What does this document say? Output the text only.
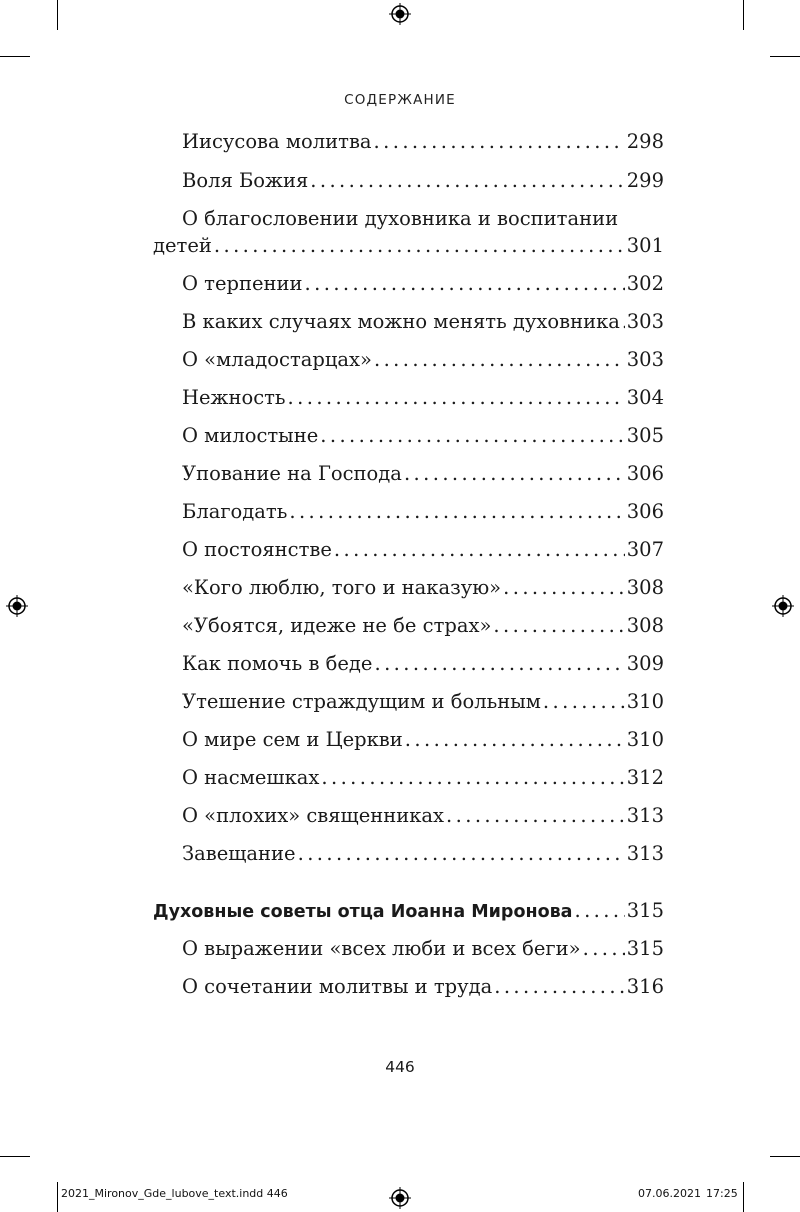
СОДЕРЖАНИЕ
Иисусова молитва . . .	298
Воля Божия . . .	299
О благословении духовника и воспитании
детей . . .	301
О терпении . . .	302
В каких случаях можно менять духовника . . . 303
О «младостарцах» . . .	303
Нежность . . .	304
О милостыне . . .	305
Упование на Господа . . .	306
Благодать . . .	306
О постоянстве . . .	307
«Кого люблю, того и наказую» . . .	308
«Убоятся, идеже не бе страх» . . .	308
Как помочь в беде . . .	309
Утешение страждущим и больным . . .	310
О мире сем и Церкви . . .	310
О насмешках . . .	312
О «плохих» священниках . . .	313
Завещание . . .	313
Духовные советы отца Иоанна Миронова . . .	315
О выражении «всех люби и всех беги» . . . 315
О сочетании молитвы и труда . . .	316
446
2021_Mironov_Gde_lubove_text.indd 446	07.06.2021 17:25
